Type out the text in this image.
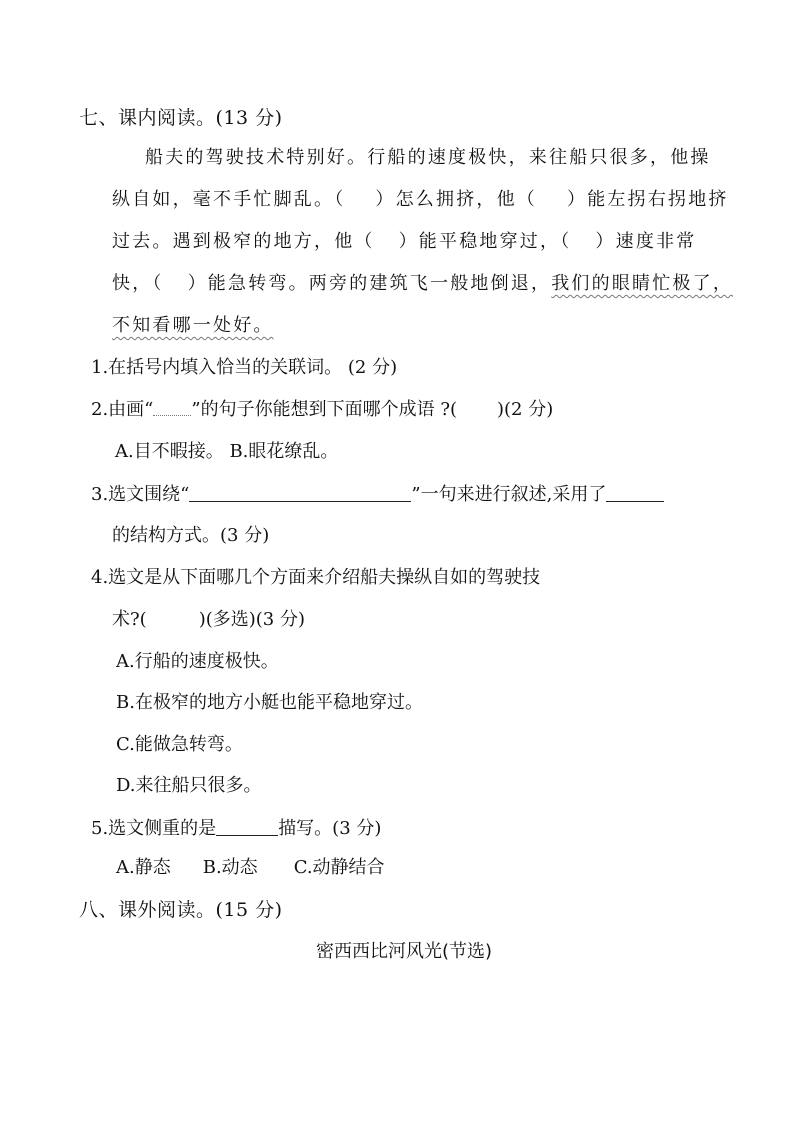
七、课内阅读。(13 分)
船夫的驾驶技术特别好。行船的速度极快，来往船只很多，他操
纵自如，毫不手忙脚乱。（ ）怎么拥挤，他（ ）能左拐右拐地挤
过去。遇到极窄的地方，他（ ）能平稳地穿过，（ ）速度非常
快，（ ）能急转弯。两旁的建筑飞一般地倒退，我们的眼睛忙极了，
不知看哪一处好。
1.在括号内填入恰当的关联词。 (2 分)
2.由画“ ”的句子你能想到下面哪个成语 ?( )(2 分)
A.目不暇接。 B.眼花缭乱。
3.选文围绕“	”一句来进行叙述,采用了
的结构方式。(3 分)
4.选文是从下面哪几个方面来介绍船夫操纵自如的驾驶技
术?(	)(多选)(3 分)
A.行船的速度极快。
B.在极窄的地方小艇也能平稳地穿过。
C.能做急转弯。
D.来往船只很多。
5.选文侧重的是	描写。(3 分)
A.静态 B.动态 C.动静结合
八、课外阅读。(15 分)
密西西比河风光(节选)
